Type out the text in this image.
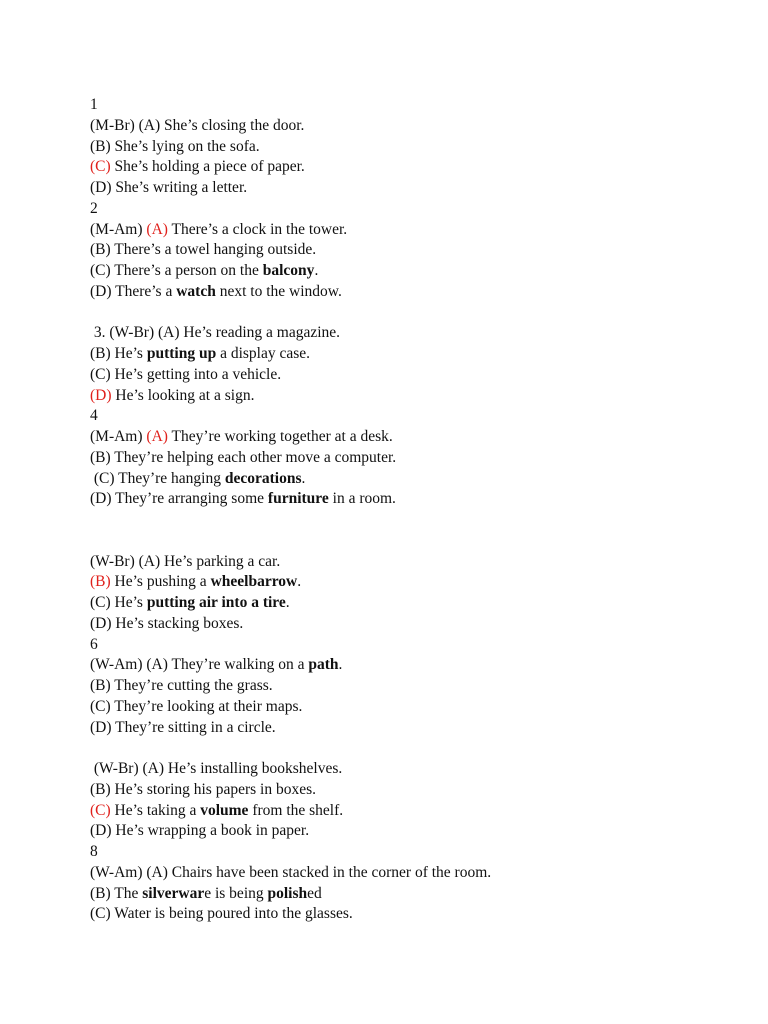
1
(M-Br) (A) She’s closing the door.
(B) She’s lying on the sofa.
(C) She’s holding a piece of paper.
(D) She’s writing a letter.
2
(M-Am) (A) There’s a clock in the tower.
(B) There’s a towel hanging outside.
(C) There’s a person on the balcony.
(D) There’s a watch next to the window.
3. (W-Br) (A) He’s reading a magazine.
(B) He’s putting up a display case.
(C) He’s getting into a vehicle.
(D) He’s looking at a sign.
4
(M-Am) (A) They’re working together at a desk.
(B) They’re helping each other move a computer.
(C) They’re hanging decorations.
(D) They’re arranging some furniture in a room.
(W-Br) (A) He’s parking a car.
(B) He’s pushing a wheelbarrow.
(C) He’s putting air into a tire.
(D) He’s stacking boxes.
6
(W-Am) (A) They’re walking on a path.
(B) They’re cutting the grass.
(C) They’re looking at their maps.
(D) They’re sitting in a circle.
(W-Br) (A) He’s installing bookshelves.
(B) He’s storing his papers in boxes.
(C) He’s taking a volume from the shelf.
(D) He’s wrapping a book in paper.
8
(W-Am) (A) Chairs have been stacked in the corner of the room.
(B) The silverware is being polished
(C) Water is being poured into the glasses.
